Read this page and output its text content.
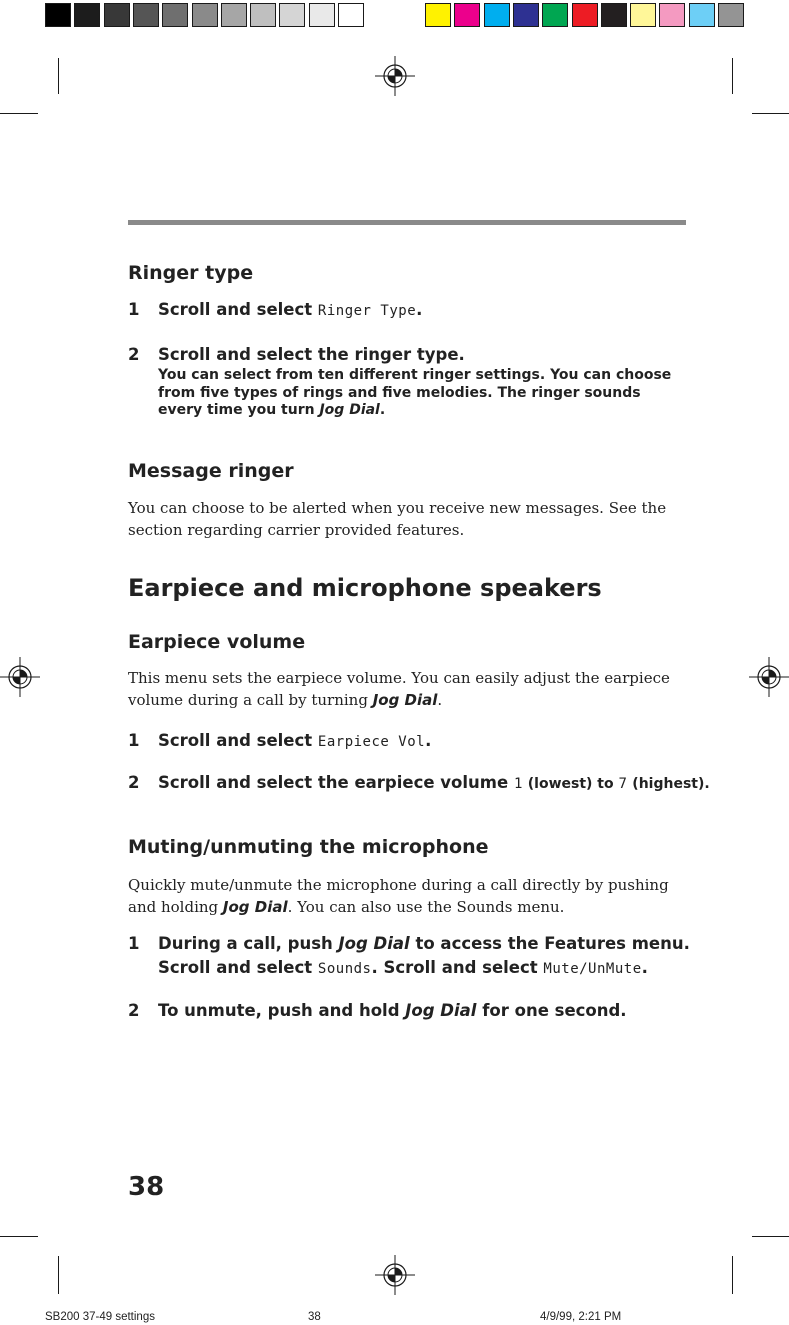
Ringer type
1 Scroll and select Ringer Type.
2 Scroll and select the ringer type.
You can select from ten different ringer settings. You can choose from five types of rings and five melodies. The ringer sounds every time you turn Jog Dial.
Message ringer
You can choose to be alerted when you receive new messages. See the section regarding carrier provided features.
Earpiece and microphone speakers
Earpiece volume
This menu sets the earpiece volume. You can easily adjust the earpiece volume during a call by turning Jog Dial.
1 Scroll and select Earpiece Vol.
2 Scroll and select the earpiece volume 1 (lowest) to 7 (highest).
Muting/unmuting the microphone
Quickly mute/unmute the microphone during a call directly by pushing and holding Jog Dial. You can also use the Sounds menu.
1 During a call, push Jog Dial to access the Features menu.
Scroll and select Sounds. Scroll and select Mute/UnMute.
2 To unmute, push and hold Jog Dial for one second.
38
SB200 37-49 settings	38	4/9/99, 2:21 PM
